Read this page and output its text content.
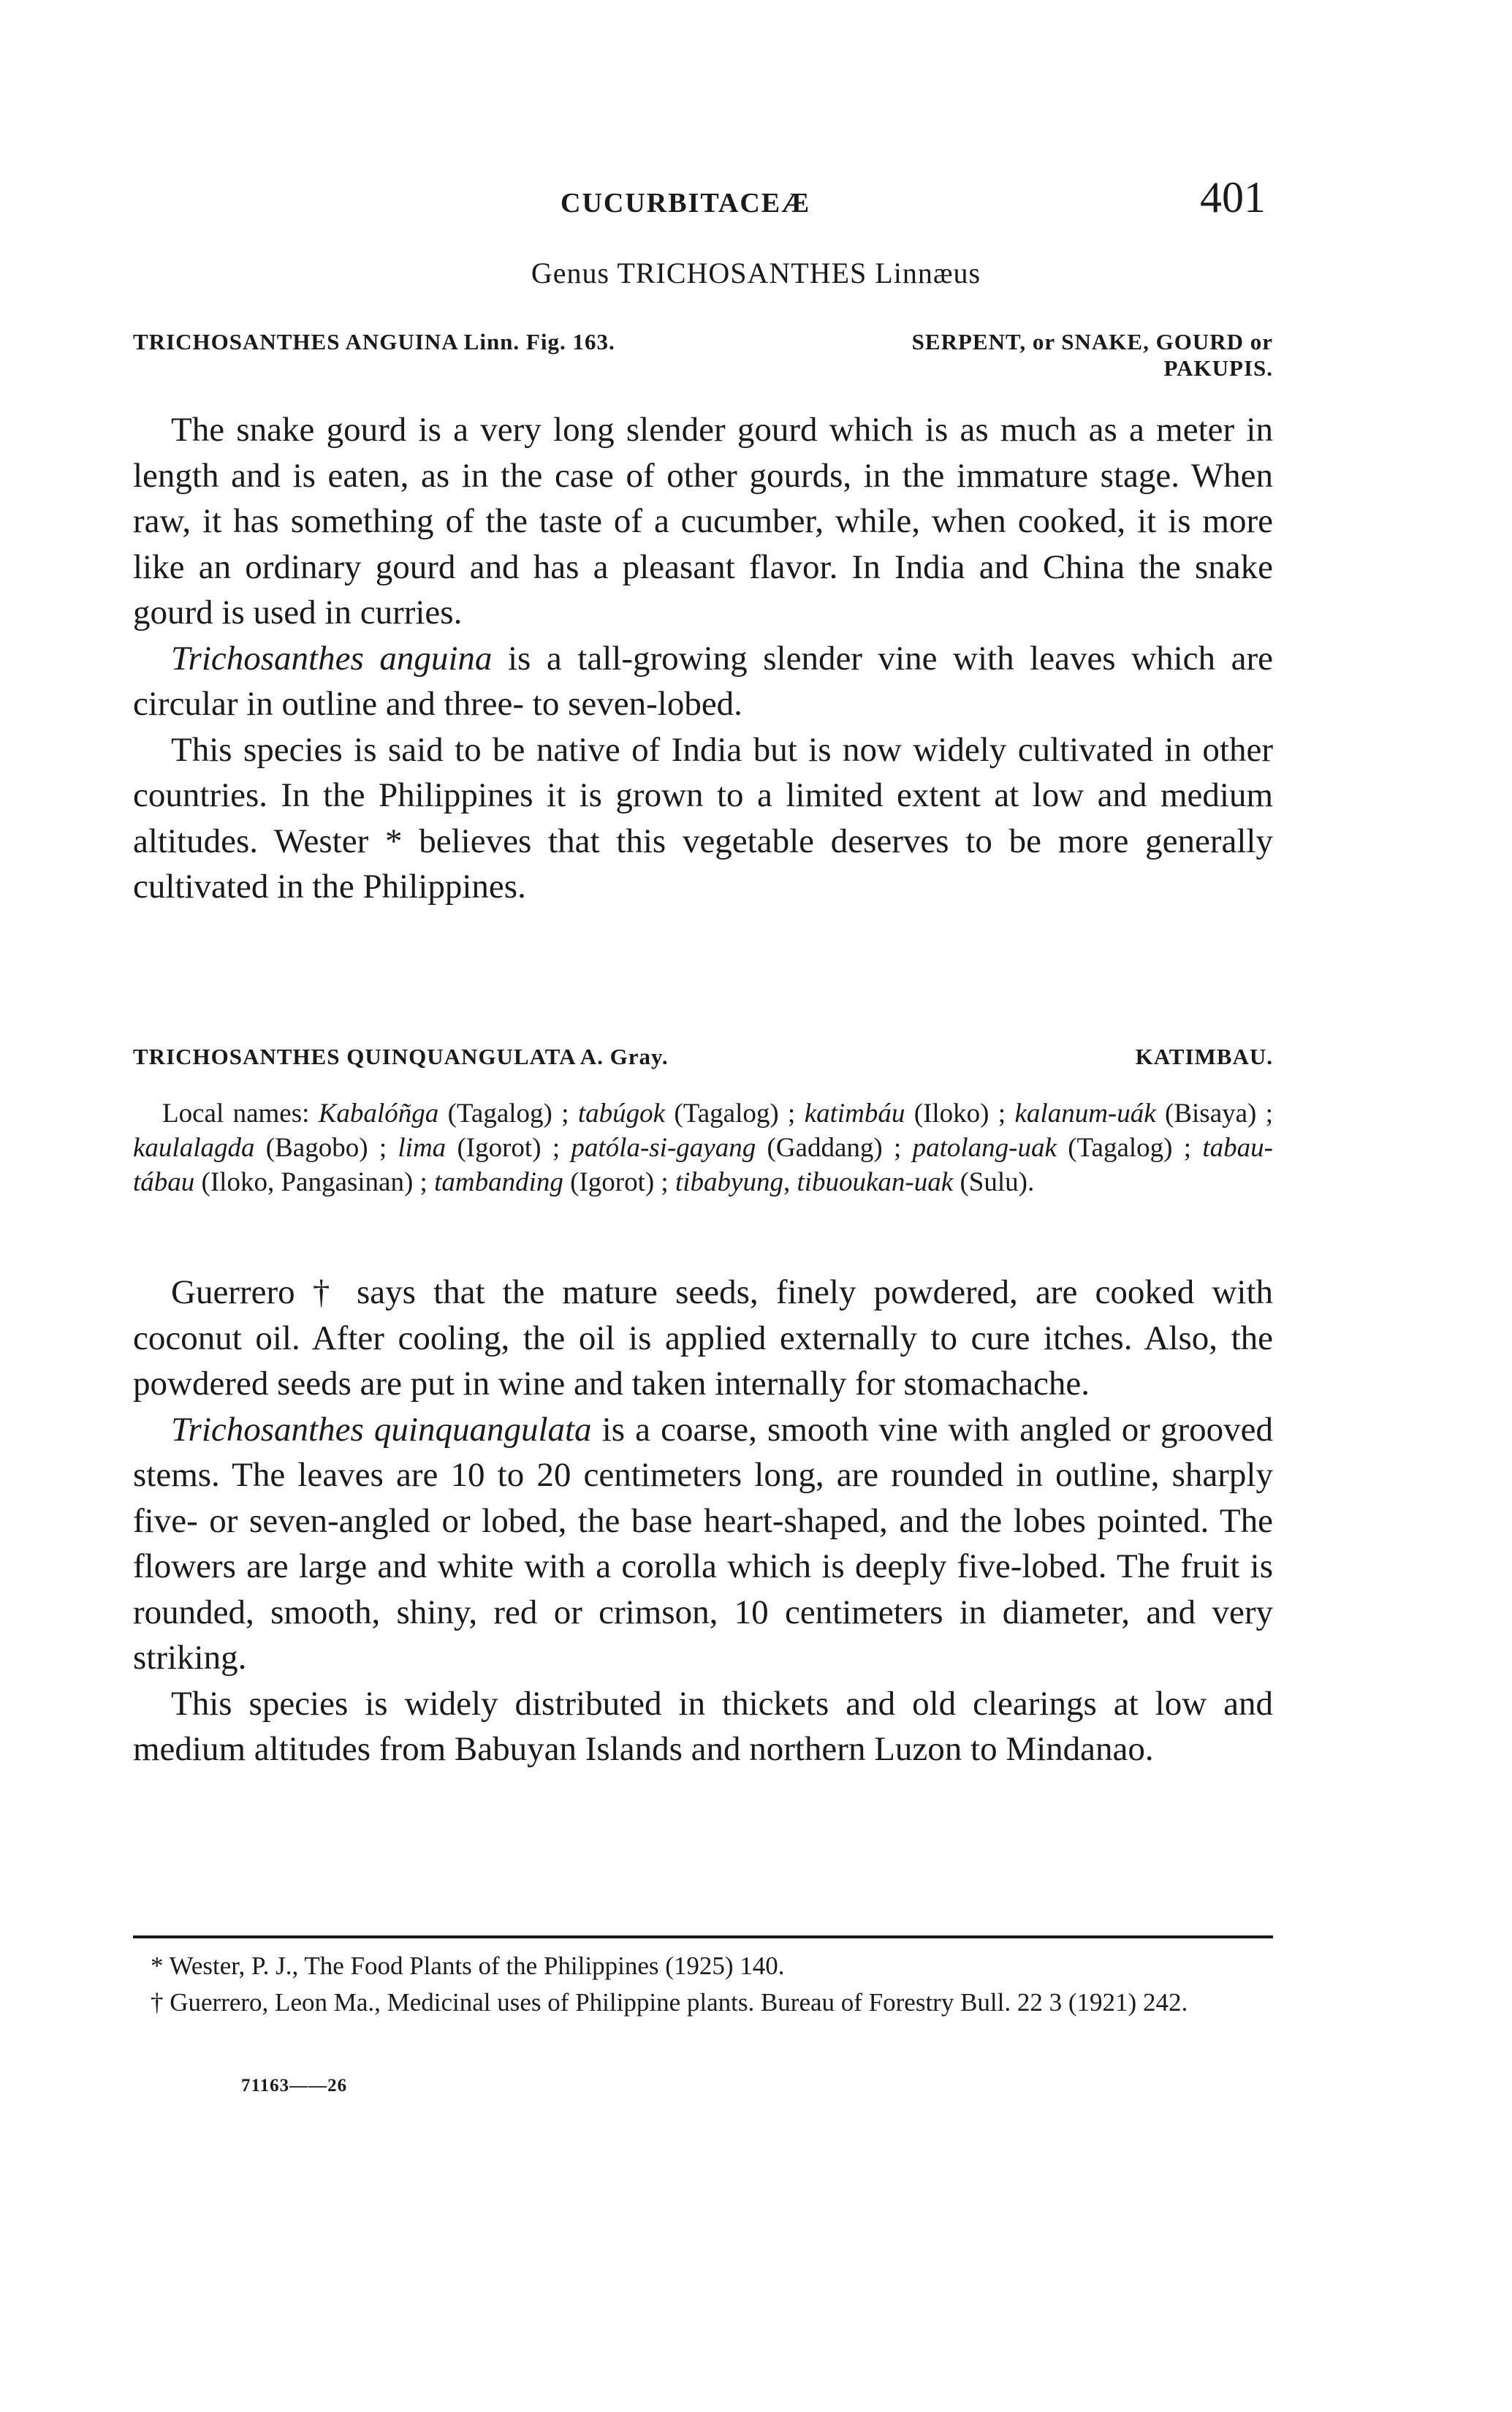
CUCURBITACEÆ	401
Genus TRICHOSANTHES Linnæus
TRICHOSANTHES ANGUINA Linn. Fig. 163.	SERPENT, or SNAKE, GOURD or
PAKUPIS.

The snake gourd is a very long slender gourd which is as much as a meter in length and is eaten, as in the case of other gourds, in the immature stage. When raw, it has something of the taste of a cucumber, while, when cooked, it is more like an ordinary gourd and has a pleasant flavor. In India and China the snake gourd is used in curries.

Trichosanthes anguina is a tall-growing slender vine with leaves which are circular in outline and three- to seven-lobed.

This species is said to be native of India but is now widely cultivated in other countries. In the Philippines it is grown to a limited extent at low and medium altitudes. Wester * believes that this vegetable deserves to be more generally cultivated in the Philippines.

TRICHOSANTHES QUINQUANGULATA A. Gray.	KATIMBAU.
Local names: Kabalóñga (Tagalog) ; tabúgok (Tagalog) ; katimbáu (Iloko) ; kalanum-uák (Bisaya) ; kaulalagda (Bagobo) ; lima (Igorot) ; patóla-si-gayang (Gaddang) ; patolang-uak (Tagalog) ; tabau-tábau (Iloko, Pangasinan) ; tambanding (Igorot) ; tibabyung, tibuoukan-uak (Sulu).

Guerrero † says that the mature seeds, finely powdered, are cooked with coconut oil. After cooling, the oil is applied externally to cure itches. Also, the powdered seeds are put in wine and taken internally for stomachache.

Trichosanthes quinquangulata is a coarse, smooth vine with angled or grooved stems. The leaves are 10 to 20 centimeters long, are rounded in outline, sharply five- or seven-angled or lobed, the base heart-shaped, and the lobes pointed. The flowers are large and white with a corolla which is deeply five-lobed. The fruit is rounded, smooth, shiny, red or crimson, 10 centimeters in diameter, and very striking.

This species is widely distributed in thickets and old clearings at low and medium altitudes from Babuyan Islands and northern Luzon to Mindanao.

* Wester, P. J., The Food Plants of the Philippines (1925) 140.

† Guerrero, Leon Ma., Medicinal uses of Philippine plants. Bureau of Forestry Bull. 22 3 (1921) 242.

71163——26
